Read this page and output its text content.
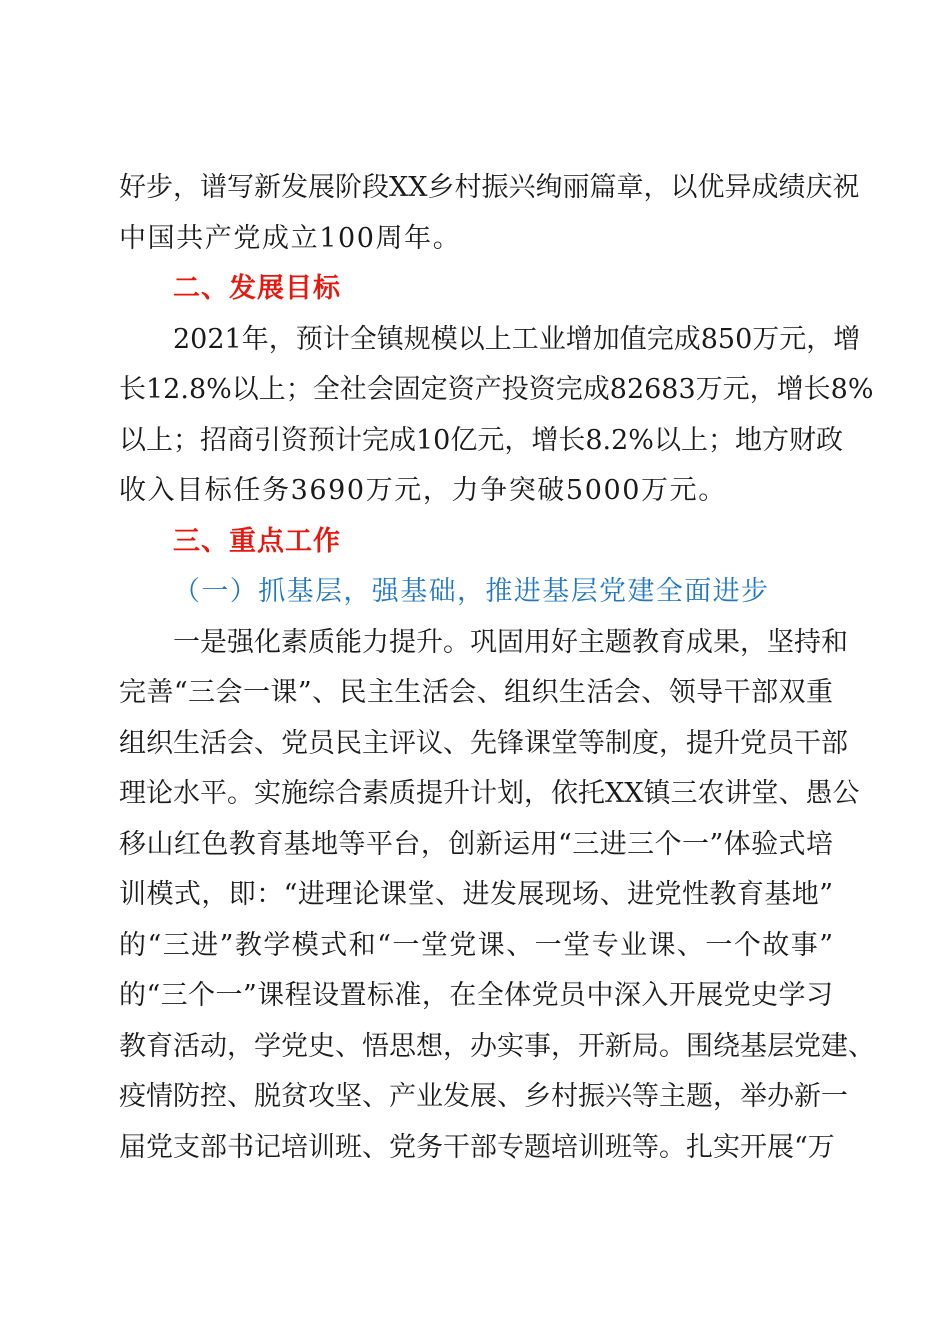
好步，谱写新发展阶段XX乡村振兴绚丽篇章，以优异成绩庆祝
中国共产党成立100周年。
二、发展目标
2021年，预计全镇规模以上工业增加值完成850万元，增
长12.8%以上；全社会固定资产投资完成82683万元，增长8%
以上；招商引资预计完成10亿元，增长8.2%以上；地方财政
收入目标任务3690万元，力争突破5000万元。
三、重点工作
（一）抓基层，强基础，推进基层党建全面进步
一是强化素质能力提升。巩固用好主题教育成果，坚持和
完善“三会一课”、民主生活会、组织生活会、领导干部双重
组织生活会、党员民主评议、先锋课堂等制度，提升党员干部
理论水平。实施综合素质提升计划，依托XX镇三农讲堂、愚公
移山红色教育基地等平台，创新运用“三进三个一”体验式培
训模式，即：“进理论课堂、进发展现场、进党性教育基地”
的“三进”教学模式和“一堂党课、一堂专业课、一个故事”
的“三个一”课程设置标准，在全体党员中深入开展党史学习
教育活动，学党史、悟思想，办实事，开新局。围绕基层党建、
疫情防控、脱贫攻坚、产业发展、乡村振兴等主题，举办新一
届党支部书记培训班、党务干部专题培训班等。扎实开展“万
